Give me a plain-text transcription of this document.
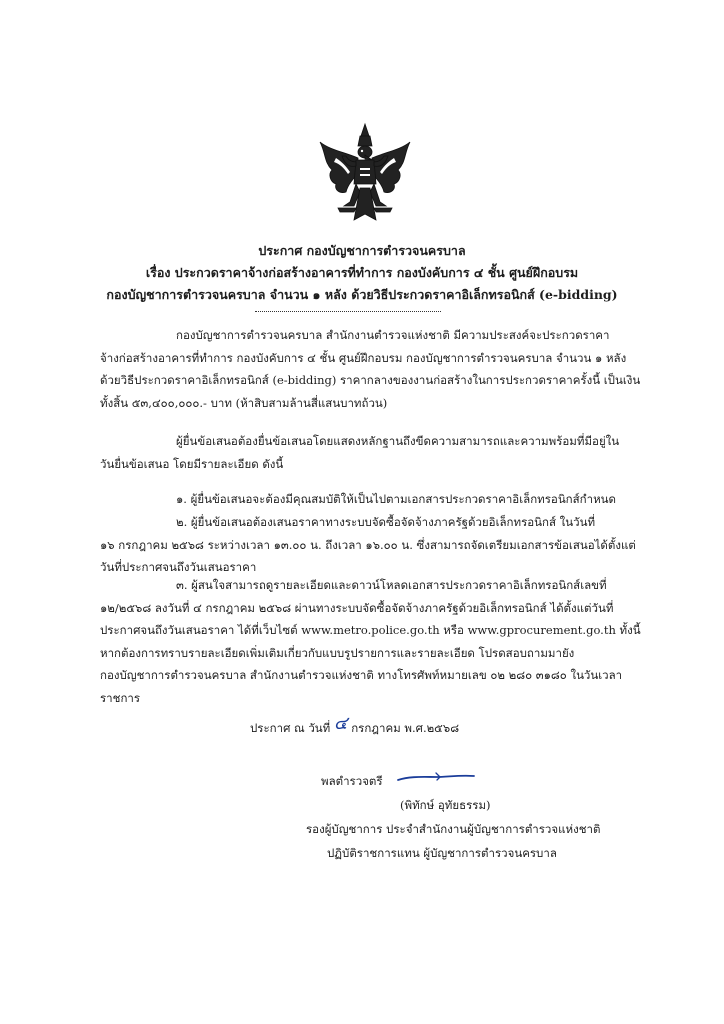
ประกาศ กองบัญชาการตำรวจนครบาล
เรื่อง ประกวดราคาจ้างก่อสร้างอาคารที่ทำการ กองบังคับการ ๔ ชั้น ศูนย์ฝึกอบรม
กองบัญชาการตำรวจนครบาล จำนวน ๑ หลัง ด้วยวิธีประกวดราคาอิเล็กทรอนิกส์ (e-bidding)

กองบัญชาการตำรวจนครบาล สำนักงานตำรวจแห่งชาติ มีความประสงค์จะประกวดราคา

จ้างก่อสร้างอาคารที่ทำการ กองบังคับการ ๔ ชั้น ศูนย์ฝึกอบรม กองบัญชาการตำรวจนครบาล จำนวน ๑ หลัง

ด้วยวิธีประกวดราคาอิเล็กทรอนิกส์ (e-bidding) ราคากลางของงานก่อสร้างในการประกวดราคาครั้งนี้ เป็นเงิน

ทั้งสิ้น ๕๓,๔๐๐,๐๐๐.- บาท (ห้าสิบสามล้านสี่แสนบาทถ้วน)

ผู้ยื่นข้อเสนอต้องยื่นข้อเสนอโดยแสดงหลักฐานถึงขีดความสามารถและความพร้อมที่มีอยู่ใน

วันยื่นข้อเสนอ โดยมีรายละเอียด ดังนี้

๑. ผู้ยื่นข้อเสนอจะต้องมีคุณสมบัติให้เป็นไปตามเอกสารประกวดราคาอิเล็กทรอนิกส์กำหนด

๒. ผู้ยื่นข้อเสนอต้องเสนอราคาทางระบบจัดซื้อจัดจ้างภาครัฐด้วยอิเล็กทรอนิกส์ ในวันที่

๑๖ กรกฎาคม ๒๕๖๘ ระหว่างเวลา ๑๓.๐๐ น. ถึงเวลา ๑๖.๐๐ น. ซึ่งสามารถจัดเตรียมเอกสารข้อเสนอได้ตั้งแต่

วันที่ประกาศจนถึงวันเสนอราคา

๓. ผู้สนใจสามารถดูรายละเอียดและดาวน์โหลดเอกสารประกวดราคาอิเล็กทรอนิกส์เลขที่

๑๒/๒๕๖๘ ลงวันที่ ๔ กรกฎาคม ๒๕๖๘ ผ่านทางระบบจัดซื้อจัดจ้างภาครัฐด้วยอิเล็กทรอนิกส์ ได้ตั้งแต่วันที่

ประกาศจนถึงวันเสนอราคา ได้ที่เว็บไซต์ www.metro.police.go.th หรือ www.gprocurement.go.th ทั้งนี้

หากต้องการทราบรายละเอียดเพิ่มเติมเกี่ยวกับแบบรูปรายการและรายละเอียด โปรดสอบถามมายัง

กองบัญชาการตำรวจนครบาล สำนักงานตำรวจแห่งชาติ ทางโทรศัพท์หมายเลข ๐๒ ๒๘๐ ๓๑๘๐ ในวันเวลา

ราชการ

ประกาศ ณ วันที่ ๔ กรกฎาคม พ.ศ.๒๕๖๘
พลตำรวจตรี
(พิทักษ์ อุทัยธรรม)
รองผู้บัญชาการ ประจำสำนักงานผู้บัญชาการตำรวจแห่งชาติ
ปฏิบัติราชการแทน ผู้บัญชาการตำรวจนครบาล
